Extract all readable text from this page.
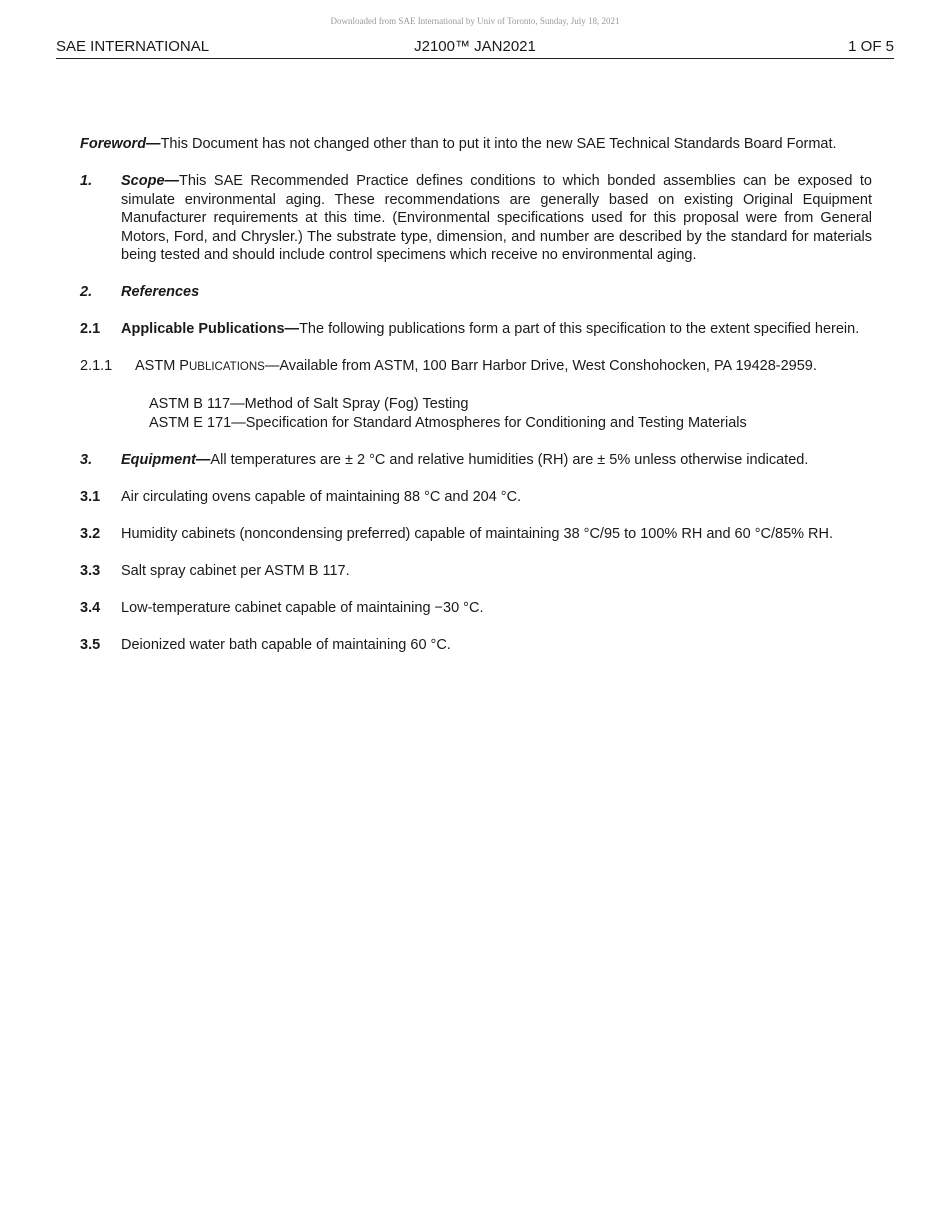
Downloaded from SAE International by Univ of Toronto, Sunday, July 18, 2021
SAE INTERNATIONAL	J2100™ JAN2021	1 OF 5

Foreword—This Document has not changed other than to put it into the new SAE Technical Standards Board Format.

1. Scope—This SAE Recommended Practice defines conditions to which bonded assemblies can be exposed to simulate environmental aging. These recommendations are generally based on existing Original Equipment Manufacturer requirements at this time. (Environmental specifications used for this proposal were from General Motors, Ford, and Chrysler.) The substrate type, dimension, and number are described by the standard for materials being tested and should include control specimens which receive no environmental aging.
2. References
2.1 Applicable Publications—The following publications form a part of this specification to the extent specified herein.
2.1.1 ASTM PUBLICATIONS—Available from ASTM, 100 Barr Harbor Drive, West Conshohocken, PA 19428-2959.
ASTM B 117—Method of Salt Spray (Fog) Testing
ASTM E 171—Specification for Standard Atmospheres for Conditioning and Testing Materials
3. Equipment—All temperatures are ± 2 °C and relative humidities (RH) are ± 5% unless otherwise indicated.
3.1 Air circulating ovens capable of maintaining 88 °C and 204 °C.
3.2 Humidity cabinets (noncondensing preferred) capable of maintaining 38 °C/95 to 100% RH and 60 °C/85% RH.
3.3 Salt spray cabinet per ASTM B 117.
3.4 Low-temperature cabinet capable of maintaining −30 °C.
3.5 Deionized water bath capable of maintaining 60 °C.
